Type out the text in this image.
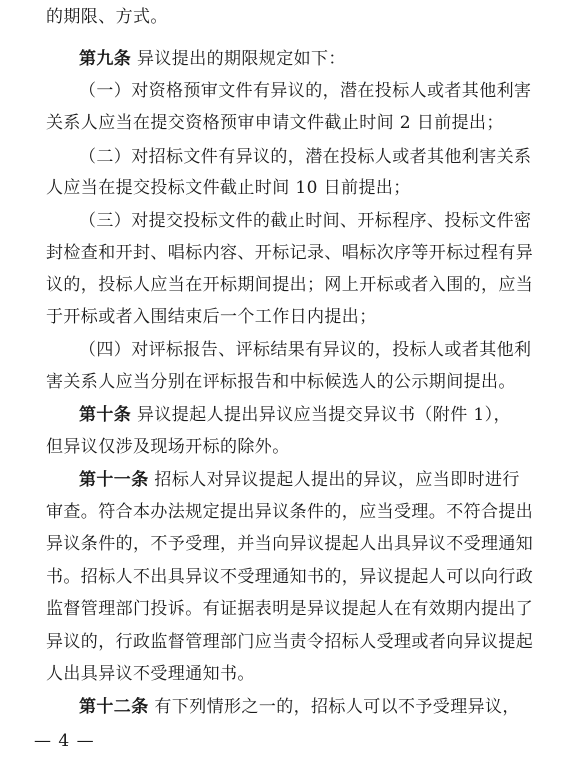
的期限、方式。
第九条 异议提出的期限规定如下：
（一）对资格预审文件有异议的，潜在投标人或者其他利害
关系人应当在提交资格预审申请文件截止时间 2 日前提出；
（二）对招标文件有异议的，潜在投标人或者其他利害关系
人应当在提交投标文件截止时间 10 日前提出；
（三）对提交投标文件的截止时间、开标程序、投标文件密
封检查和开封、唱标内容、开标记录、唱标次序等开标过程有异
议的，投标人应当在开标期间提出；网上开标或者入围的，应当
于开标或者入围结束后一个工作日内提出；
（四）对评标报告、评标结果有异议的，投标人或者其他利
害关系人应当分别在评标报告和中标候选人的公示期间提出。
第十条 异议提起人提出异议应当提交异议书（附件 1），
但异议仅涉及现场开标的除外。
第十一条 招标人对异议提起人提出的异议，应当即时进行
审查。符合本办法规定提出异议条件的，应当受理。不符合提出
异议条件的，不予受理，并当向异议提起人出具异议不受理通知
书。招标人不出具异议不受理通知书的，异议提起人可以向行政
监督管理部门投诉。有证据表明是异议提起人在有效期内提出了
异议的，行政监督管理部门应当责令招标人受理或者向异议提起
人出具异议不受理通知书。
第十二条 有下列情形之一的，招标人可以不予受理异议，
— 4 —
